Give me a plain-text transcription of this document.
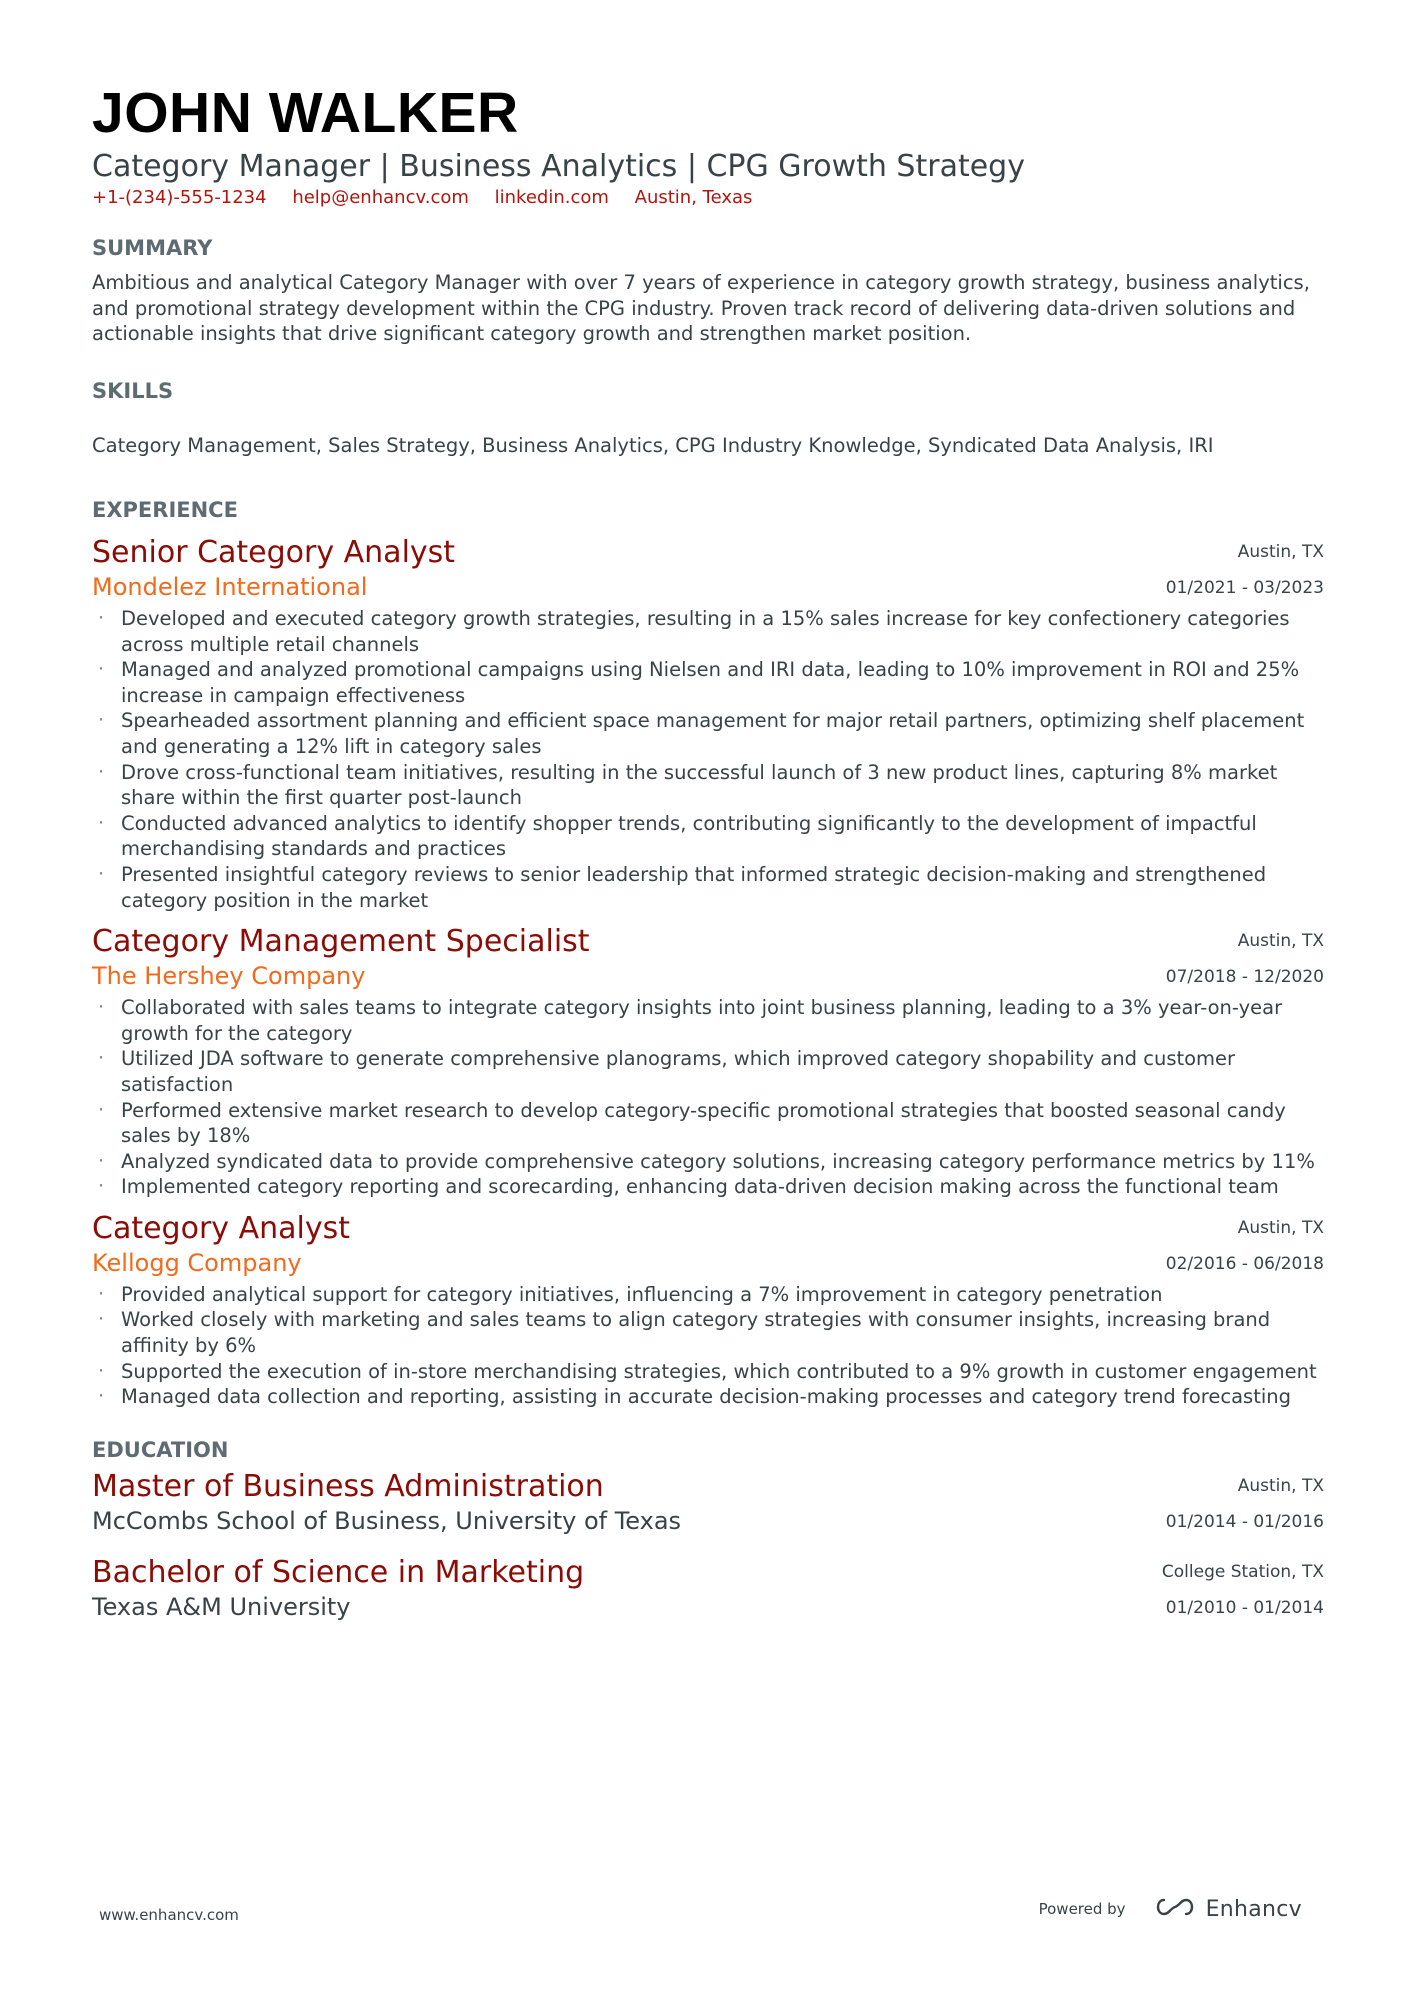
JOHN WALKER
Category Manager | Business Analytics | CPG Growth Strategy
+1-(234)-555-1234 help@enhancv.com linkedin.com Austin, Texas
SUMMARY
Ambitious and analytical Category Manager with over 7 years of experience in category growth strategy, business analytics, and promotional strategy development within the CPG industry. Proven track record of delivering data-driven solutions and actionable insights that drive significant category growth and strengthen market position.
SKILLS
Category Management, Sales Strategy, Business Analytics, CPG Industry Knowledge, Syndicated Data Analysis, IRI
EXPERIENCE
Senior Category Analyst
Mondelez International
Austin, TX
01/2021 - 03/2023
· Developed and executed category growth strategies, resulting in a 15% sales increase for key confectionery categories across multiple retail channels
· Managed and analyzed promotional campaigns using Nielsen and IRI data, leading to 10% improvement in ROI and 25% increase in campaign effectiveness
· Spearheaded assortment planning and efficient space management for major retail partners, optimizing shelf placement and generating a 12% lift in category sales
· Drove cross-functional team initiatives, resulting in the successful launch of 3 new product lines, capturing 8% market share within the first quarter post-launch
· Conducted advanced analytics to identify shopper trends, contributing significantly to the development of impactful merchandising standards and practices
· Presented insightful category reviews to senior leadership that informed strategic decision-making and strengthened category position in the market
Category Management Specialist
The Hershey Company
Austin, TX
07/2018 - 12/2020
· Collaborated with sales teams to integrate category insights into joint business planning, leading to a 3% year-on-year growth for the category
· Utilized JDA software to generate comprehensive planograms, which improved category shopability and customer satisfaction
· Performed extensive market research to develop category-specific promotional strategies that boosted seasonal candy sales by 18%
· Analyzed syndicated data to provide comprehensive category solutions, increasing category performance metrics by 11%
· Implemented category reporting and scorecarding, enhancing data-driven decision making across the functional team
Category Analyst
Kellogg Company
Austin, TX
02/2016 - 06/2018
· Provided analytical support for category initiatives, influencing a 7% improvement in category penetration
· Worked closely with marketing and sales teams to align category strategies with consumer insights, increasing brand affinity by 6%
· Supported the execution of in-store merchandising strategies, which contributed to a 9% growth in customer engagement
· Managed data collection and reporting, assisting in accurate decision-making processes and category trend forecasting
EDUCATION
Master of Business Administration
McCombs School of Business, University of Texas
Austin, TX
01/2014 - 01/2016
Bachelor of Science in Marketing
Texas A&M University
College Station, TX
01/2010 - 01/2014
www.enhancv.com	Powered by	Enhancv
